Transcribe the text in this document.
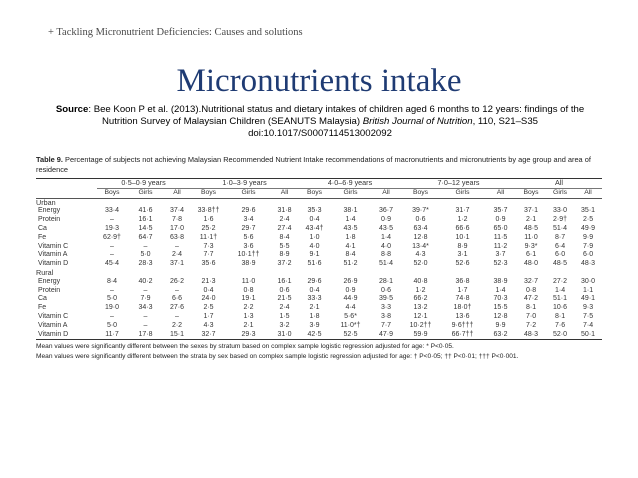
+ Tackling Micronutrient Deficiencies: Causes and solutions
Micronutrients intake
Source: Bee Koon P et al. (2013).Nutritional status and dietary intakes of children aged 6 months to 12 years: findings of the Nutrition Survey of Malaysian Children (SEANUTS Malaysia) British Journal of Nutrition, 110, S21–S35
doi:10.1017/S0007114513002092
Table 9. Percentage of subjects not achieving Malaysian Recommended Nutrient Intake recommendations of macronutrients and micronutrients by age group and area of residence
	0·5–0·9 years			1·0–3·9 years			4·0–6·9 years			7·0–12 years			All		
	Boys	Girls	All	Boys	Girls	All	Boys	Girls	All	Boys	Girls	All	Boys	Girls	All
Urban															
Energy	33·4	41·6	37·4	33·8††	29·6	31·8	35·3	38·1	36·7	39·7*	31·7	35·7	37·1	33·0	35·1
Protein	–	16·1	7·8	1·6	3·4	2·4	0·4	1·4	0·9	0·6	1·2	0·9	2·1	2·9†	2·5
Ca	19·3	14·5	17·0	25·2	29·7	27·4	43·4†	43·5	43·5	63·4	66·6	65·0	48·5	51·4	49·9
Fe	62·9†	64·7	63·8	11·1†	5·6	8·4	1·0	1·8	1·4	12·8	10·1	11·5	11·0	8·7	9·9
Vitamin C	–	–	–	7·3	3·6	5·5	4·0	4·1	4·0	13·4*	8·9	11·2	9·3*	6·4	7·9
Vitamin A	–	5·0	2·4	7·7	10·1††	8·9	9·1	8·4	8·8	4·3	3·1	3·7	6·1	6·0	6·0
Vitamin D	45·4	28·3	37·1	35·6	38·9	37·2	51·6	51·2	51·4	52·0	52·6	52·3	48·0	48·5	48·3
Rural															
Energy	8·4	40·2	26·2	21·3	11·0	16·1	29·6	26·9	28·1	40·8	36·8	38·9	32·7	27·2	30·0
Protein	–	–	–	0·4	0·8	0·6	0·4	0·9	0·6	1·2	1·7	1·4	0·8	1·4	1·1
Ca	5·0	7·9	6·6	24·0	19·1	21·5	33·3	44·9	39·5	66·2	74·8	70·3	47·2	51·1	49·1
Fe	19·0	34·3	27·6	2·5	2·2	2·4	2·1	4·4	3·3	13·2	18·0†	15·5	8·1	10·6	9·3
Vitamin C	–	–	–	1·7	1·3	1·5	1·8	5·6*	3·8	12·1	13·6	12·8	7·0	8·1	7·5
Vitamin A	5·0	–	2·2	4·3	2·1	3·2	3·9	11·0*†	7·7	10·2††	9·6†††	9·9	7·2	7·6	7·4
Vitamin D	11·7	17·8	15·1	32·7	29·3	31·0	42·5	52·5	47·9	59·9	66·7††	63·2	48·3	52·0	50·1
Mean values were significantly different between the sexes by stratum based on complex sample logistic regression adjusted for age: * P<0·05.
Mean values were significantly different between the strata by sex based on complex sample logistic regression adjusted for age: † P<0·05; †† P<0·01; ††† P<0·001.
